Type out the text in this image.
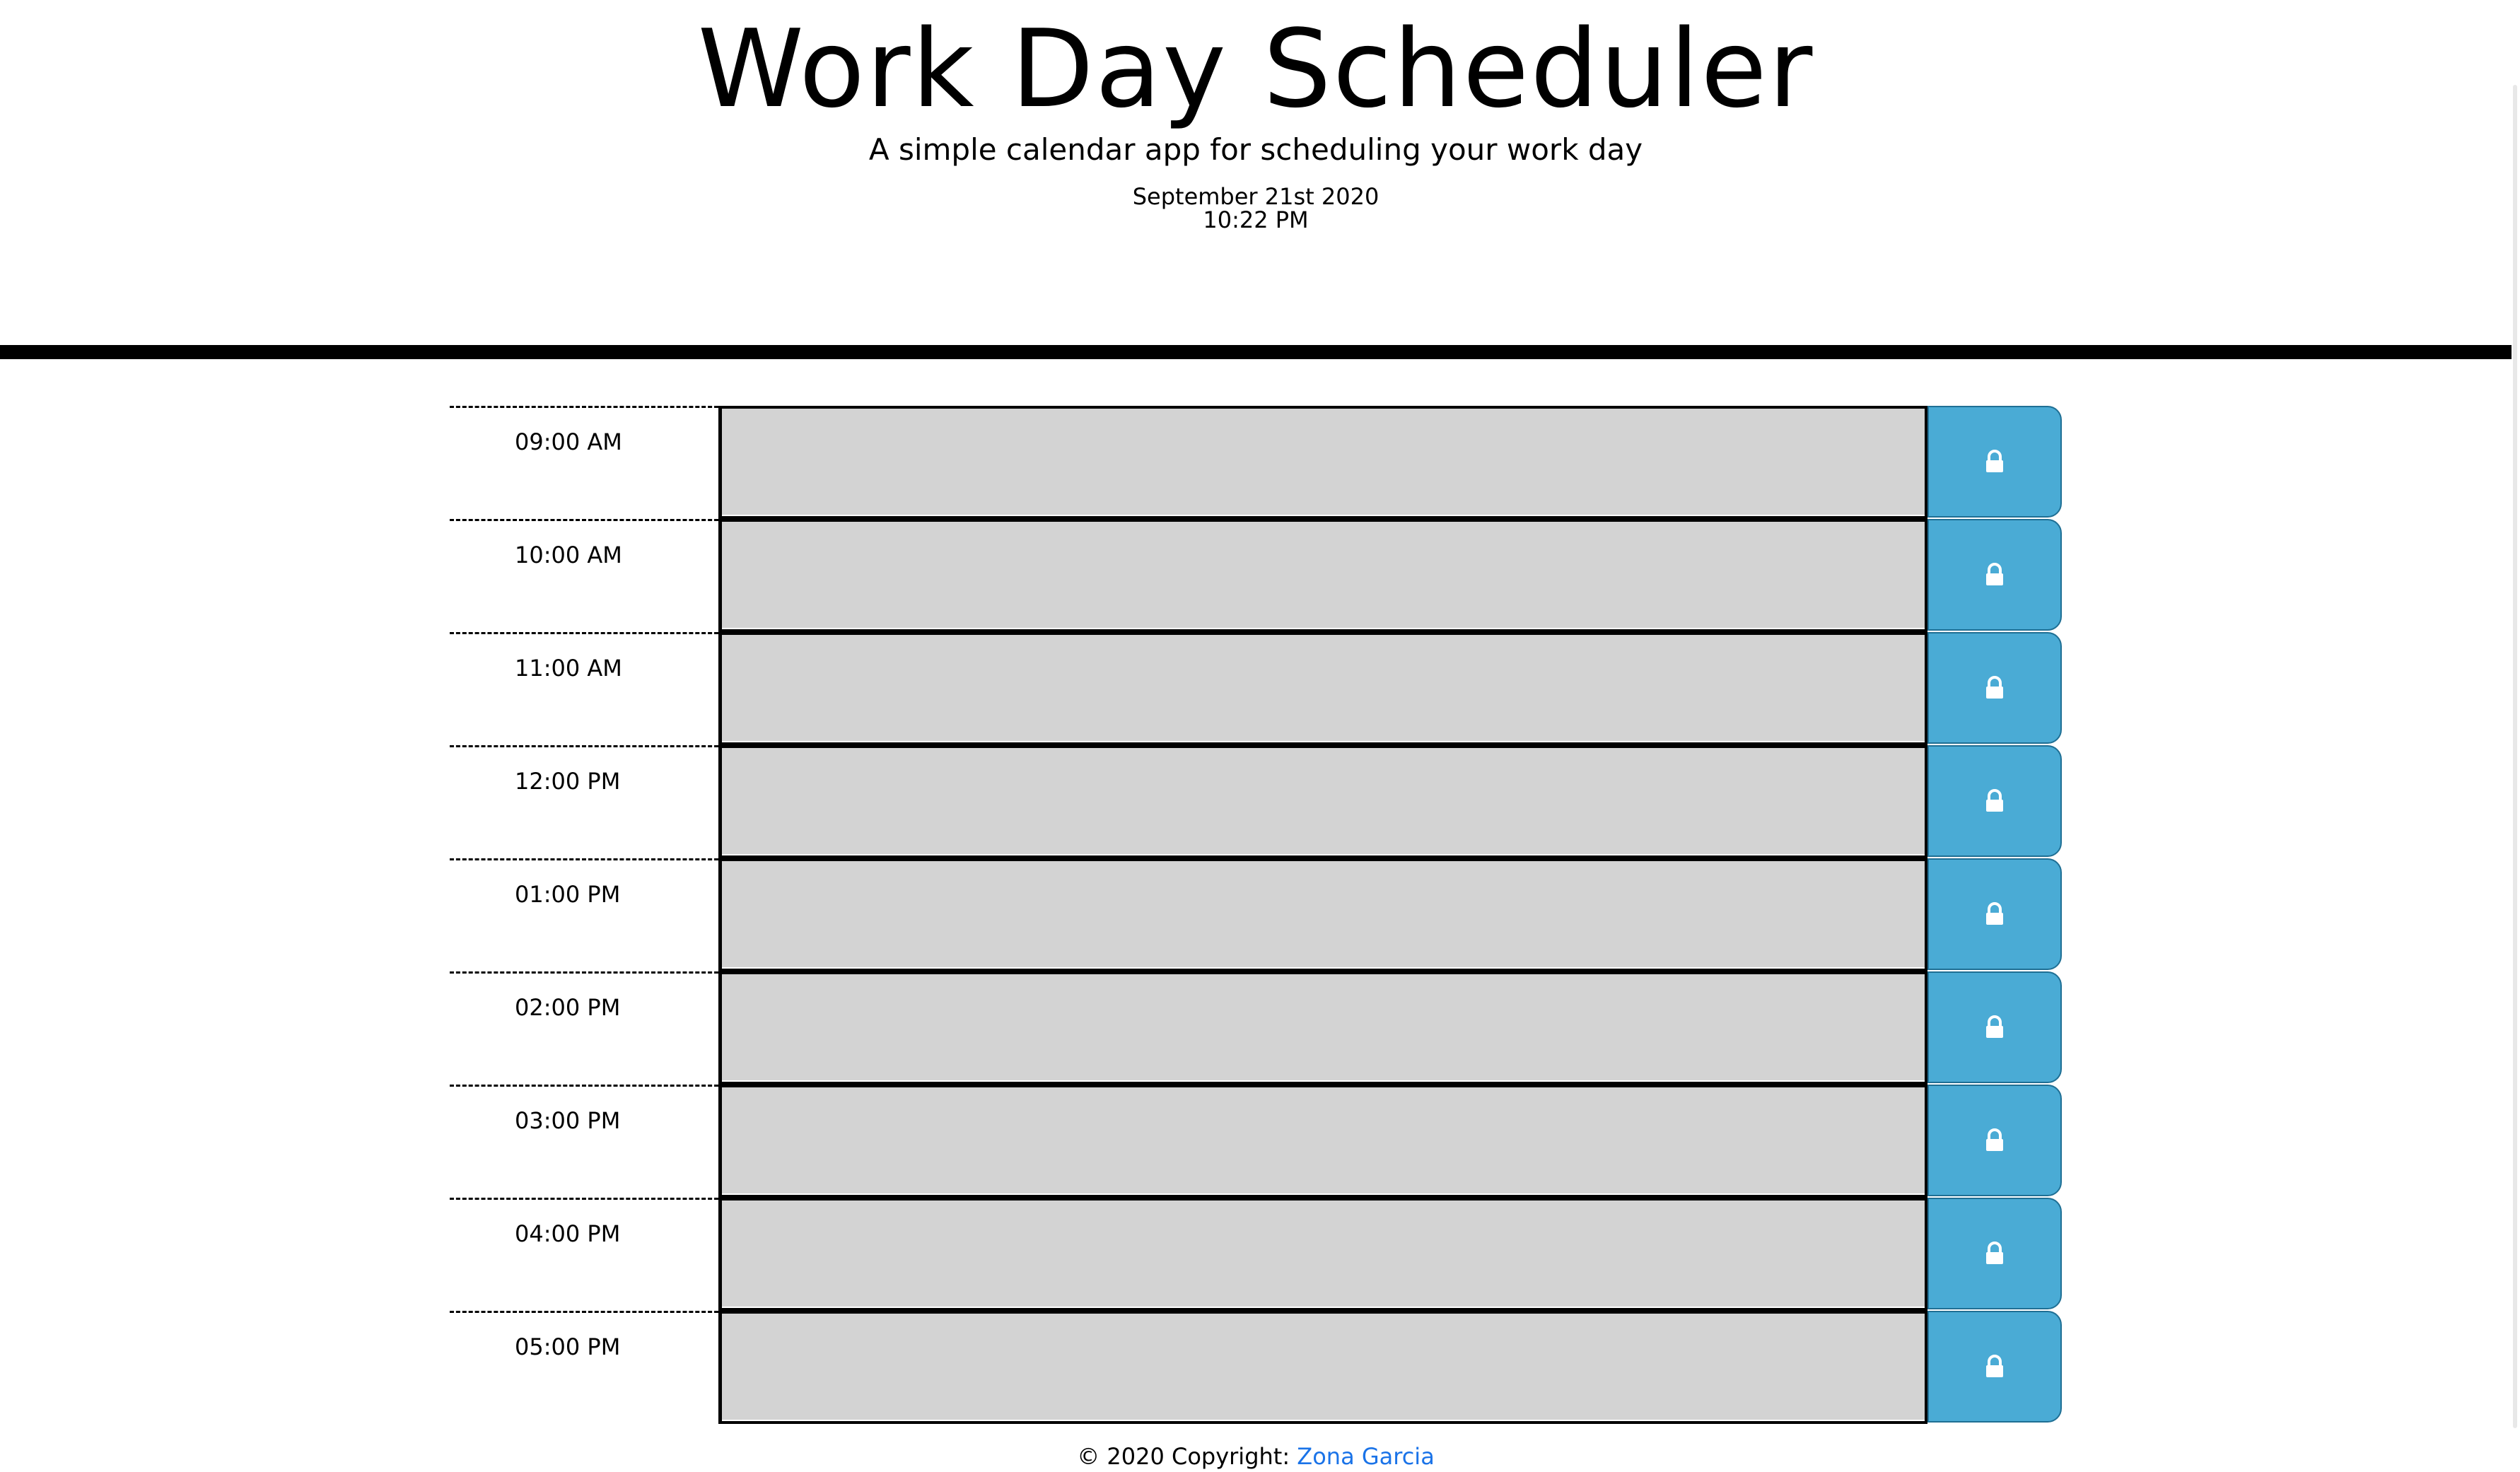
Work Day Scheduler
A simple calendar app for scheduling your work day
September 21st 2020
10:22 PM
09:00 AM
10:00 AM
11:00 AM
12:00 PM
01:00 PM
02:00 PM
03:00 PM
04:00 PM
05:00 PM
© 2020 Copyright: Zona Garcia
